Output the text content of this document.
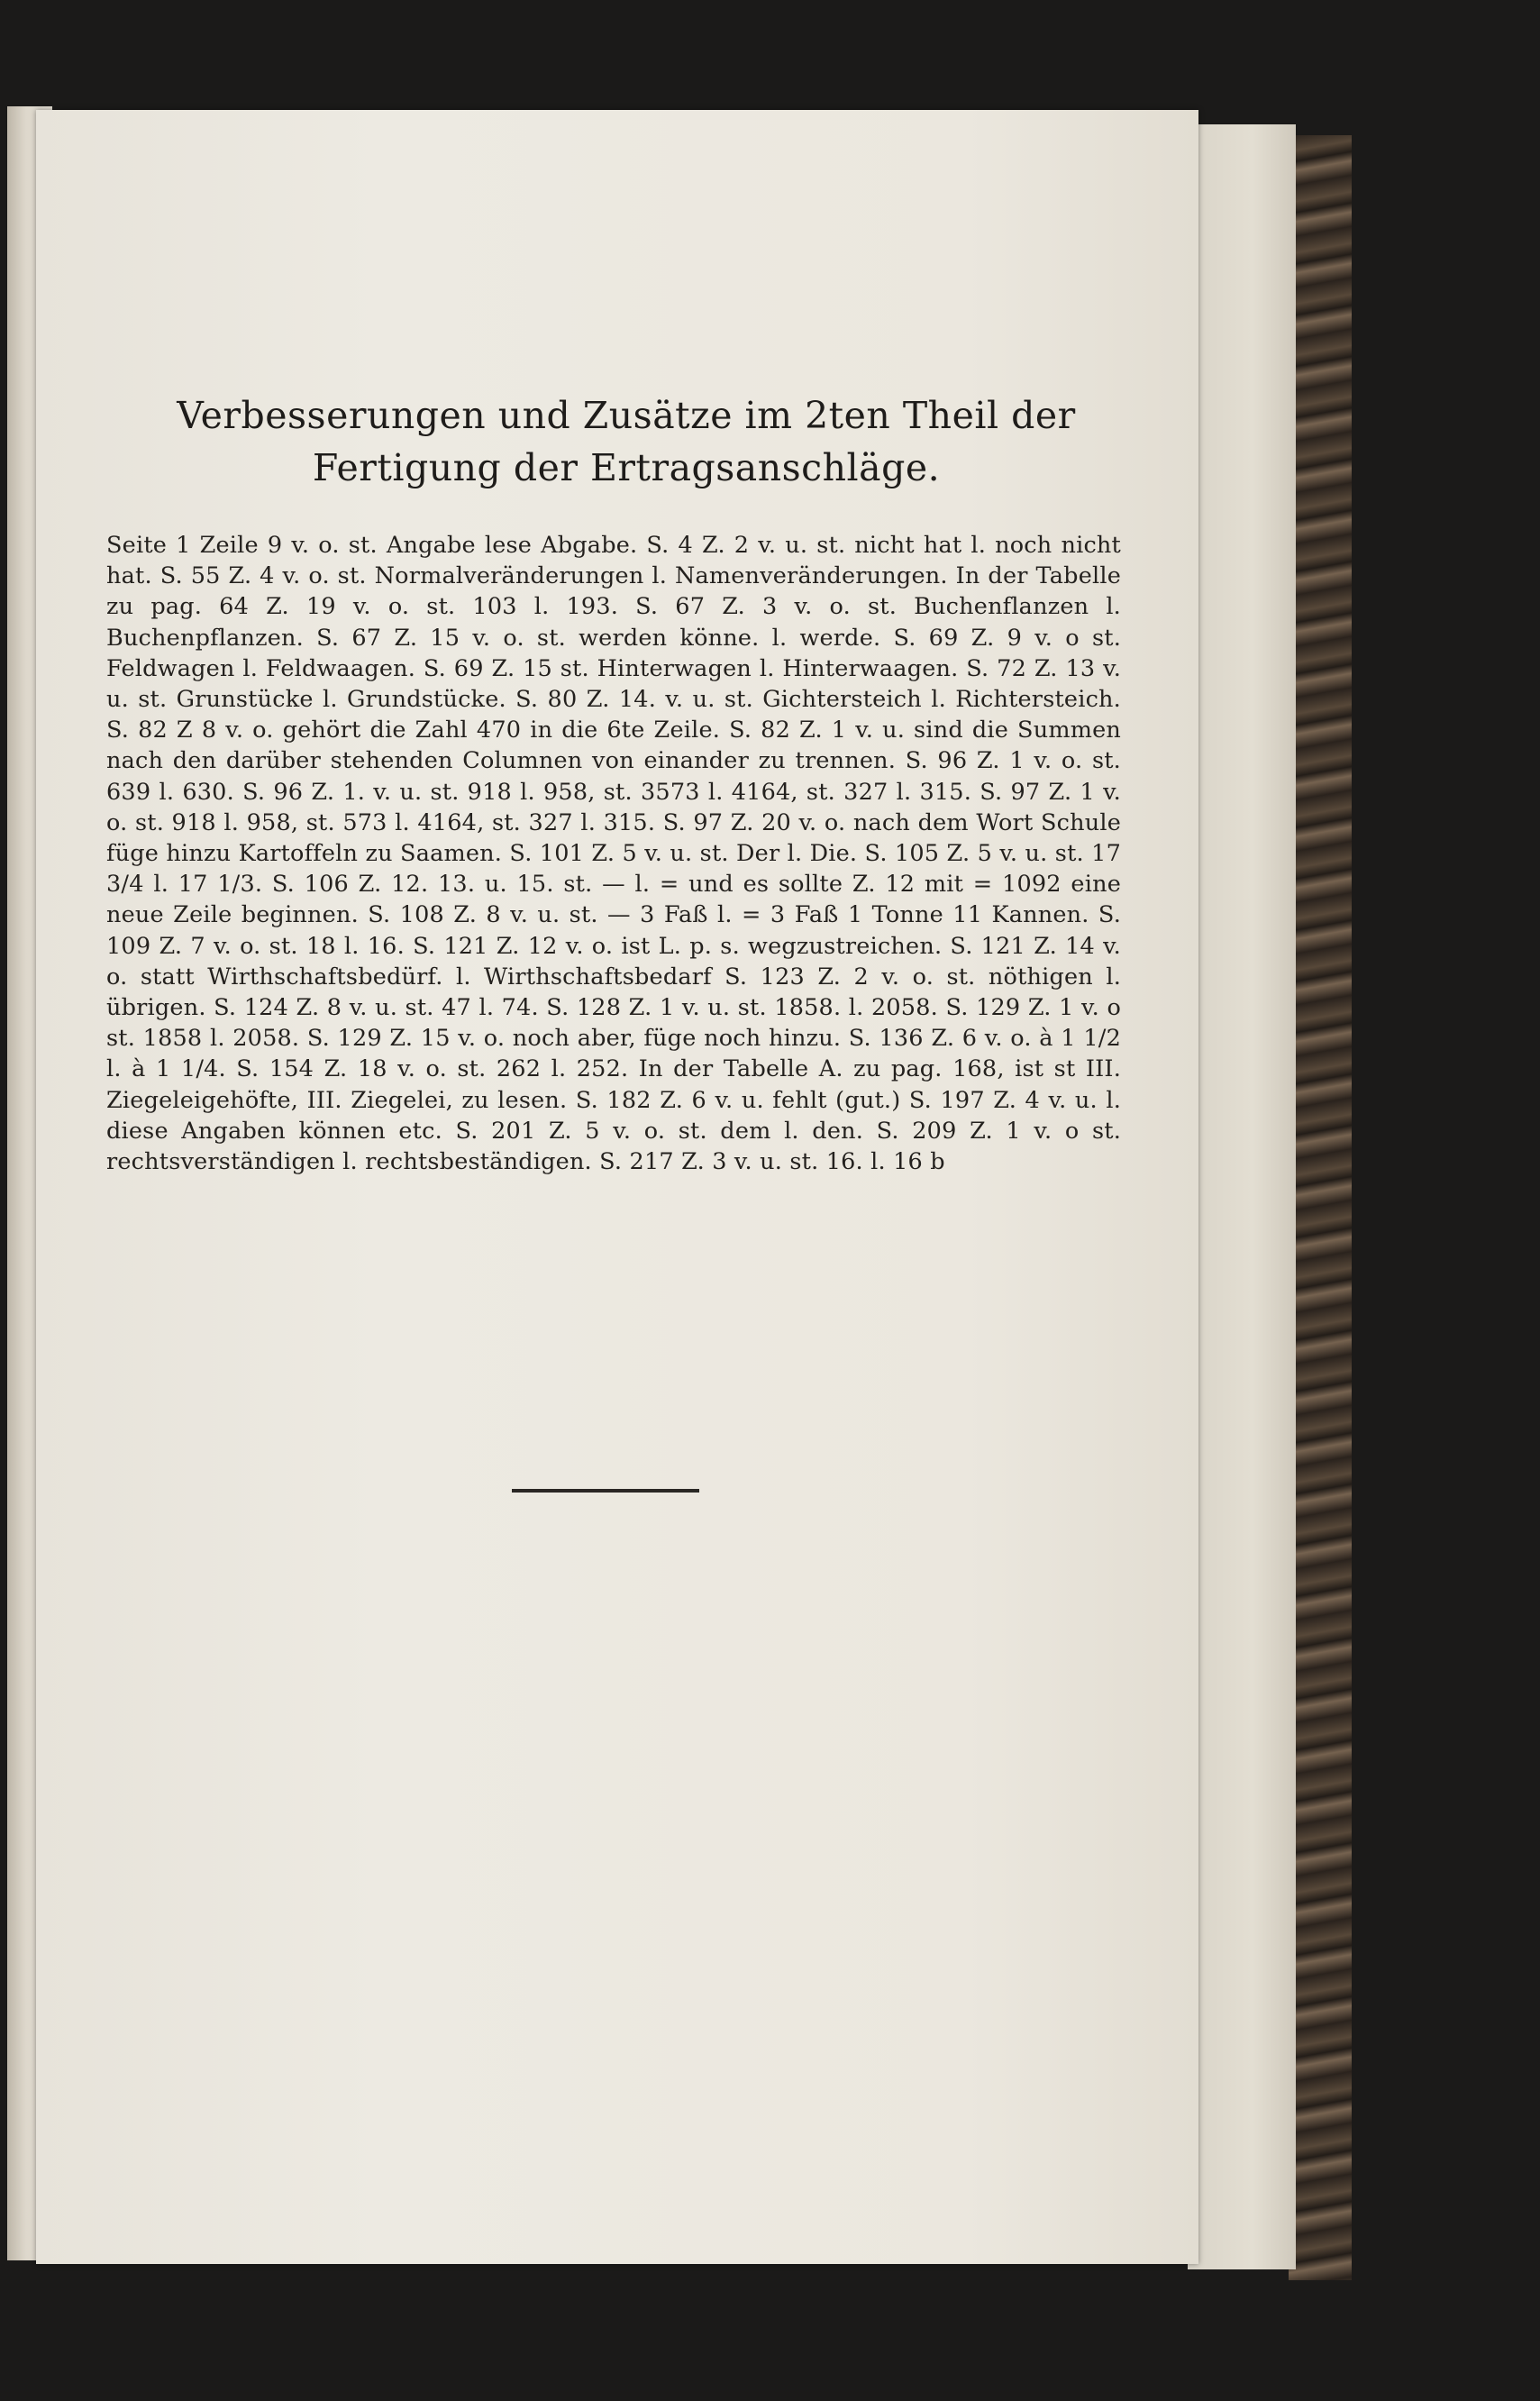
Verbesserungen und Zusätze im 2ten Theil der Fertigung der Ertragsanschläge.
Seite 1 Zeile 9 v. o. st. Angabe lese Abgabe. S. 4 Z. 2 v. u. st. nicht hat l. noch nicht hat. S. 55 Z. 4 v. o. st. Normalveränderungen l. Namenveränderungen. In der Tabelle zu pag. 64 Z. 19 v. o. st. 103 l. 193. S. 67 Z. 3 v. o. st. Buchenflanzen l. Buchenpflanzen. S. 67 Z. 15 v. o. st. werden könne. l. werde. S. 69 Z. 9 v. o st. Feldwagen l. Feldwaagen. S. 69 Z. 15 st. Hinterwagen l. Hinterwaagen. S. 72 Z. 13 v. u. st. Grunstücke l. Grundstücke. S. 80 Z. 14. v. u. st. Gichtersteich l. Richtersteich. S. 82 Z 8 v. o. gehört die Zahl 470 in die 6te Zeile. S. 82 Z. 1 v. u. sind die Summen nach den darüber stehenden Columnen von einander zu trennen. S. 96 Z. 1 v. o. st. 639 l. 630. S. 96 Z. 1. v. u. st. 918 l. 958, st. 3573 l. 4164, st. 327 l. 315. S. 97 Z. 1 v. o. st. 918 l. 958, st. 573 l. 4164, st. 327 l. 315. S. 97 Z. 20 v. o. nach dem Wort Schule füge hinzu Kartoffeln zu Saamen. S. 101 Z. 5 v. u. st. Der l. Die. S. 105 Z. 5 v. u. st. 17 3/4 l. 17 1/3. S. 106 Z. 12. 13. u. 15. st. — l. = und es sollte Z. 12 mit = 1092 eine neue Zeile beginnen. S. 108 Z. 8 v. u. st. — 3 Faß l. = 3 Faß 1 Tonne 11 Kannen. S. 109 Z. 7 v. o. st. 18 l. 16. S. 121 Z. 12 v. o. ist L. p. s. wegzustreichen. S. 121 Z. 14 v. o. statt Wirthschaftsbedürf. l. Wirthschaftsbedarf S. 123 Z. 2 v. o. st. nöthigen l. übrigen. S. 124 Z. 8 v. u. st. 47 l. 74. S. 128 Z. 1 v. u. st. 1858. l. 2058. S. 129 Z. 1 v. o st. 1858 l. 2058. S. 129 Z. 15 v. o. noch aber, füge noch hinzu. S. 136 Z. 6 v. o. à 1 1/2 l. à 1 1/4. S. 154 Z. 18 v. o. st. 262 l. 252. In der Tabelle A. zu pag. 168, ist st III. Ziegeleigehöfte, III. Ziegelei, zu lesen. S. 182 Z. 6 v. u. fehlt (gut.) S. 197 Z. 4 v. u. l. diese Angaben können etc. S. 201 Z. 5 v. o. st. dem l. den. S. 209 Z. 1 v. o st. rechtsverständigen l. rechtsbeständigen. S. 217 Z. 3 v. u. st. 16. l. 16 b
